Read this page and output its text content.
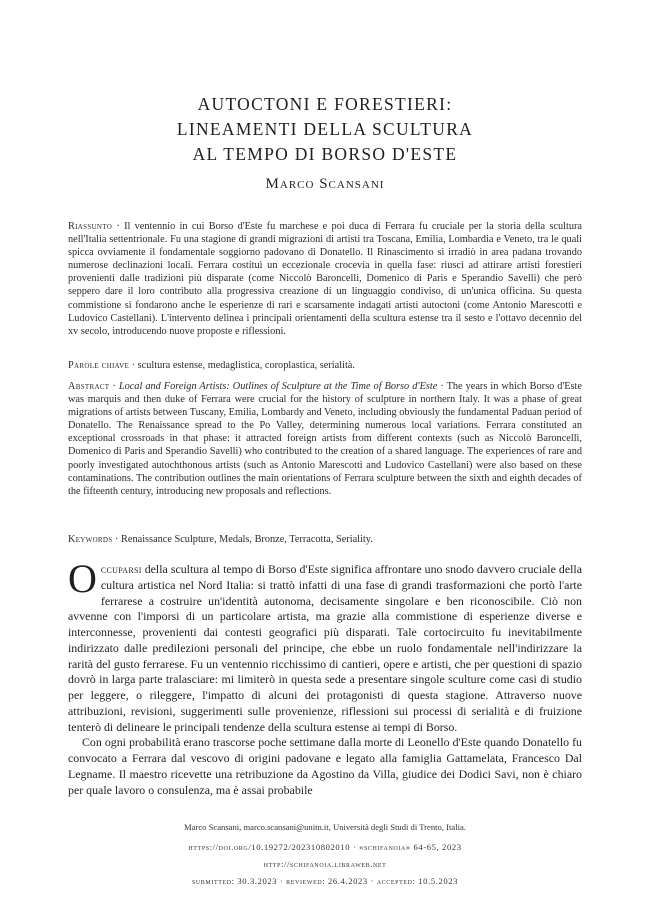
AUTOCTONI E FORESTIERI:
LINEAMENTI DELLA SCULTURA
AL TEMPO DI BORSO D'ESTE
Marco Scansani
Riassunto · Il ventennio in cui Borso d'Este fu marchese e poi duca di Ferrara fu cruciale per la storia della scultura nell'Italia settentrionale. Fu una stagione di grandi migrazioni di artisti tra Toscana, Emilia, Lombardia e Veneto, tra le quali spicca ovviamente il fondamentale soggiorno padovano di Donatello. Il Rinascimento si irradiò in area padana trovando numerose declinazioni locali. Ferrara costituì un eccezionale crocevia in quella fase: riuscì ad attirare artisti forestieri provenienti dalle tradizioni più disparate (come Niccolò Baroncelli, Domenico di Paris e Sperandio Savelli) che però seppero dare il loro contributo alla progressiva creazione di un linguaggio condiviso, di un'unica officina. Su questa commistione si fondarono anche le esperienze di rari e scarsamente indagati artisti autoctoni (come Antonio Marescotti e Ludovico Castellani). L'intervento delinea i principali orientamenti della scultura estense tra il sesto e l'ottavo decennio del xv secolo, introducendo nuove proposte e riflessioni.
Parole chiave · scultura estense, medaglistica, coroplastica, serialità.
Abstract · Local and Foreign Artists: Outlines of Sculpture at the Time of Borso d'Este · The years in which Borso d'Este was marquis and then duke of Ferrara were crucial for the history of sculpture in northern Italy. It was a phase of great migrations of artists between Tuscany, Emilia, Lombardy and Veneto, including obviously the fundamental Paduan period of Donatello. The Renaissance spread to the Po Valley, determining numerous local variations. Ferrara constituted an exceptional crossroads in that phase: it attracted foreign artists from different contexts (such as Niccolò Baroncelli, Domenico di Paris and Sperandio Savelli) who contributed to the creation of a shared language. The experiences of rare and poorly investigated autochthonous artists (such as Antonio Marescotti and Ludovico Castellani) were also based on these contaminations. The contribution outlines the main orientations of Ferrara sculpture between the sixth and eighth decades of the fifteenth century, introducing new proposals and reflections.
Keywords · Renaissance Sculpture, Medals, Bronze, Terracotta, Seriality.

Occuparsi della scultura al tempo di Borso d'Este significa affrontare uno snodo davvero cruciale della cultura artistica nel Nord Italia: si trattò infatti di una fase di grandi trasformazioni che portò l'arte ferrarese a costruire un'identità autonoma, decisamente singolare e ben riconoscibile. Ciò non avvenne con l'imporsi di un particolare artista, ma grazie alla commistione di esperienze diverse e interconnesse, provenienti dai contesti geografici più disparati. Tale cortocircuito fu inevitabilmente indirizzato dalle predilezioni personali del principe, che ebbe un ruolo fondamentale nell'indirizzare la rarità del gusto ferrarese. Fu un ventennio ricchissimo di cantieri, opere e artisti, che per questioni di spazio dovrò in larga parte tralasciare: mi limiterò in questa sede a presentare singole sculture come casi di studio per leggere, o rileggere, l'impatto di alcuni dei protagonisti di questa stagione. Attraverso nuove attribuzioni, revisioni, suggerimenti sulle provenienze, riflessioni sui processi di serialità e di fruizione tenterò di delineare le principali tendenze della scultura estense ai tempi di Borso.

Con ogni probabilità erano trascorse poche settimane dalla morte di Leonello d'Este quando Donatello fu convocato a Ferrara dal vescovo di origini padovane e legato alla famiglia Gattamelata, Francesco Dal Legname. Il maestro ricevette una retribuzione da Agostino da Villa, giudice dei Dodici Savi, non è chiaro per quale lavoro o consulenza, ma è assai probabile

Marco Scansani, marco.scansani@unitn.it, Università degli Studi di Trento, Italia.
https://doi.org/10.19272/202310802010 · «schifanoia» 64-65, 2023
http://schifanoia.libraweb.net
submitted: 30.3.2023 · reviewed: 26.4.2023 · accepted: 10.5.2023
